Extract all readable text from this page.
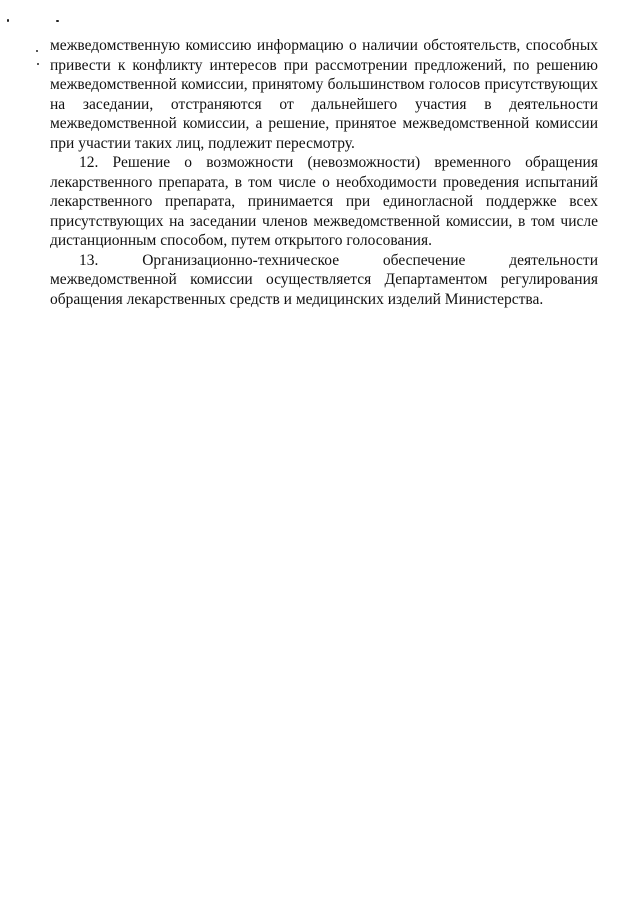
межведомственную комиссию информацию о наличии обстоятельств, способных привести к конфликту интересов при рассмотрении предложений, по решению межведомственной комиссии, принятому большинством голосов присутствующих на заседании, отстраняются от дальнейшего участия в деятельности межведомственной комиссии, а решение, принятое межведомственной комиссии при участии таких лиц, подлежит пересмотру.

12. Решение о возможности (невозможности) временного обращения лекарственного препарата, в том числе о необходимости проведения испытаний лекарственного препарата, принимается при единогласной поддержке всех присутствующих на заседании членов межведомственной комиссии, в том числе дистанционным способом, путем открытого голосования.

13. Организационно-техническое обеспечение деятельности

межведомственной комиссии осуществляется Департаментом регулирования обращения лекарственных средств и медицинских изделий Министерства.
